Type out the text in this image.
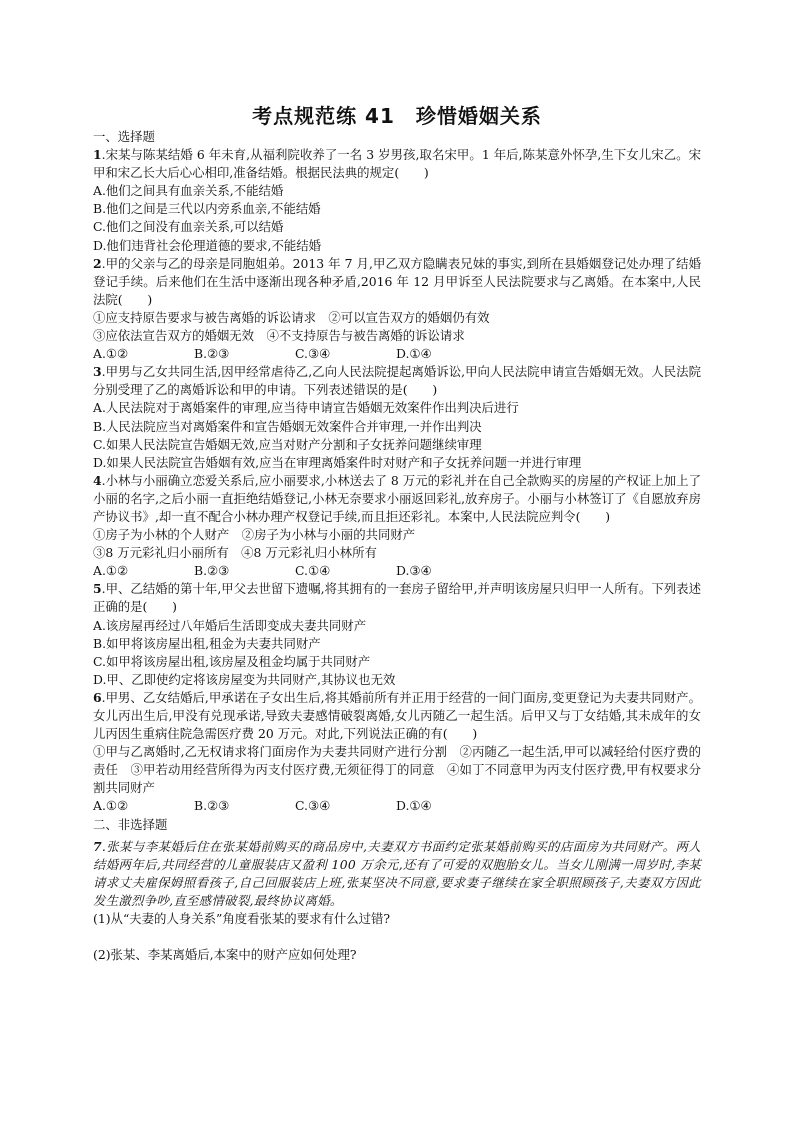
考点规范练 41　珍惜婚姻关系
一、选择题

1.宋某与陈某结婚 6 年未育,从福利院收养了一名 3 岁男孩,取名宋甲。1 年后,陈某意外怀孕,生下女儿宋乙。宋甲和宋乙长大后心心相印,准备结婚。根据民法典的规定(　　)

A.他们之间具有血亲关系,不能结婚

B.他们之间是三代以内旁系血亲,不能结婚

C.他们之间没有血亲关系,可以结婚

D.他们违背社会伦理道德的要求,不能结婚

2.甲的父亲与乙的母亲是同胞姐弟。2013 年 7 月,甲乙双方隐瞒表兄妹的事实,到所在县婚姻登记处办理了结婚登记手续。后来他们在生活中逐渐出现各种矛盾,2016 年 12 月甲诉至人民法院要求与乙离婚。在本案中,人民法院(　　)

①应支持原告要求与被告离婚的诉讼请求　②可以宣告双方的婚姻仍有效

③应依法宣告双方的婚姻无效　④不支持原告与被告离婚的诉讼请求

A.①②	B.②③	C.③④	D.①④

3.甲男与乙女共同生活,因甲经常虐待乙,乙向人民法院提起离婚诉讼,甲向人民法院申请宣告婚姻无效。人民法院分别受理了乙的离婚诉讼和甲的申请。下列表述错误的是(　　)

A.人民法院对于离婚案件的审理,应当待申请宣告婚姻无效案件作出判决后进行

B.人民法院应当对离婚案件和宣告婚姻无效案件合并审理,一并作出判决

C.如果人民法院宣告婚姻无效,应当对财产分割和子女抚养问题继续审理

D.如果人民法院宣告婚姻有效,应当在审理离婚案件时对财产和子女抚养问题一并进行审理

4.小林与小丽确立恋爱关系后,应小丽要求,小林送去了 8 万元的彩礼并在自己全款购买的房屋的产权证上加上了小丽的名字,之后小丽一直拒绝结婚登记,小林无奈要求小丽返回彩礼,放弃房子。小丽与小林签订了《自愿放弃房产协议书》,却一直不配合小林办理产权登记手续,而且拒还彩礼。本案中,人民法院应判令(　　)

①房子为小林的个人财产　②房子为小林与小丽的共同财产

③8 万元彩礼归小丽所有　④8 万元彩礼归小林所有

A.①②	B.②③	C.①④	D.③④

5.甲、乙结婚的第十年,甲父去世留下遗嘱,将其拥有的一套房子留给甲,并声明该房屋只归甲一人所有。下列表述正确的是(　　)

A.该房屋再经过八年婚后生活即变成夫妻共同财产

B.如甲将该房屋出租,租金为夫妻共同财产

C.如甲将该房屋出租,该房屋及租金均属于共同财产

D.甲、乙即使约定将该房屋变为共同财产,其协议也无效

6.甲男、乙女结婚后,甲承诺在子女出生后,将其婚前所有并正用于经营的一间门面房,变更登记为夫妻共同财产。女儿丙出生后,甲没有兑现承诺,导致夫妻感情破裂离婚,女儿丙随乙一起生活。后甲又与丁女结婚,其未成年的女儿丙因生重病住院急需医疗费 20 万元。对此,下列说法正确的有(　　)

①甲与乙离婚时,乙无权请求将门面房作为夫妻共同财产进行分割　②丙随乙一起生活,甲可以减轻给付医疗费的责任　③甲若动用经营所得为丙支付医疗费,无须征得丁的同意　④如丁不同意甲为丙支付医疗费,甲有权要求分割共同财产

A.①②	B.②③	C.③④	D.①④
二、非选择题

7.张某与李某婚后住在张某婚前购买的商品房中,夫妻双方书面约定张某婚前购买的店面房为共同财产。两人结婚两年后,共同经营的儿童服装店又盈利 100 万余元,还有了可爱的双胞胎女儿。当女儿刚满一周岁时,李某请求丈夫雇保姆照看孩子,自己回服装店上班,张某坚决不同意,要求妻子继续在家全职照顾孩子,夫妻双方因此发生激烈争吵,直至感情破裂,最终协议离婚。

(1)从“夫妻的人身关系”角度看张某的要求有什么过错?

(2)张某、李某离婚后,本案中的财产应如何处理?
